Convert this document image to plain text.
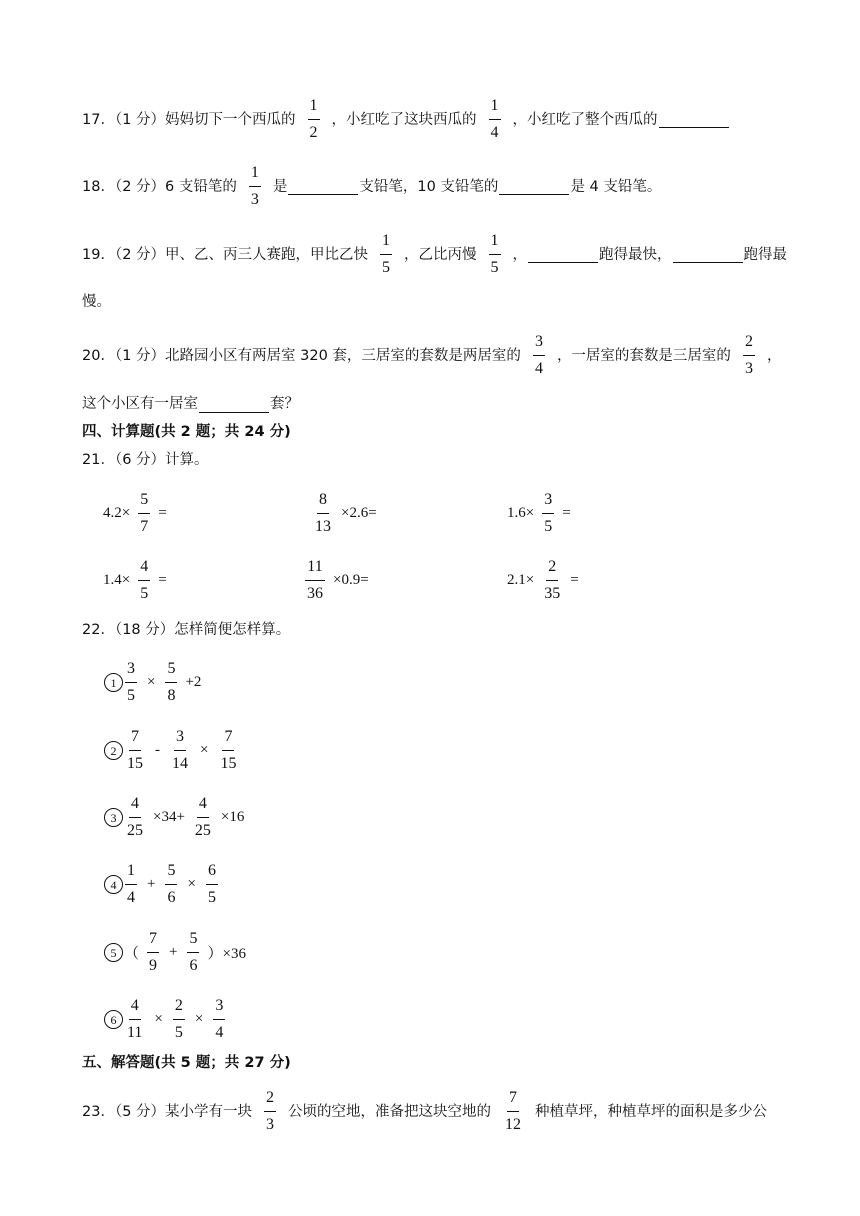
17．（1 分）妈妈切下一个西瓜的 $\frac{1}{2}$ ，小红吃了这块西瓜的 $\frac{1}{4}$ ，小红吃了整个西瓜的
18．（2 分）6 支铅笔的 $\frac{1}{3}$ 是	支铅笔，10 支铅笔的	是 4 支铅笔。
19．（2 分）甲、乙、丙三人赛跑，甲比乙快 $\frac{1}{5}$ ，乙比丙慢 $\frac{1}{5}$ ，	跑得最快，	跑得最
慢。
20．（1 分）北路园小区有两居室 320 套，三居室的套数是两居室的 $\frac{3}{4}$ ，一居室的套数是三居室的 $\frac{2}{3}$ ，
这个小区有一居室	套？
四、计算题(共 2 题；共 24 分)
21．（6 分）计算。
$4.2\times \frac{5}{7}$ =	$\frac{8}{13} \times 2.6=$	$1.6\times \frac{3}{5}$ =
$1.4\times \frac{4}{5}$ =	$\frac{11}{36} \times 0.9=$	$2.1\times \frac{2}{35}$ =
22．（18 分）怎样简便怎样算。
$1 \frac{3}{5} \times \frac{5}{8} +2$
$2 \frac{7}{15} - \frac{3}{14} \times \frac{7}{15}$
$3 \frac{4}{25} \times 34+ \frac{4}{25} \times 16$
$4 \frac{1}{4} + \frac{5}{6} \times \frac{6}{5}$
5 （ $\frac{7}{9} + \frac{5}{6} )\times 36$
$6 \frac{4}{11} \times \frac{2}{5} \times \frac{3}{4}$
五、解答题(共 5 题；共 27 分)
23．（5 分）某小学有一块 $\frac{2}{3}$ 公顷的空地，准备把这块空地的 $\frac{7}{12}$ 种植草坪，种植草坪的面积是多少公
